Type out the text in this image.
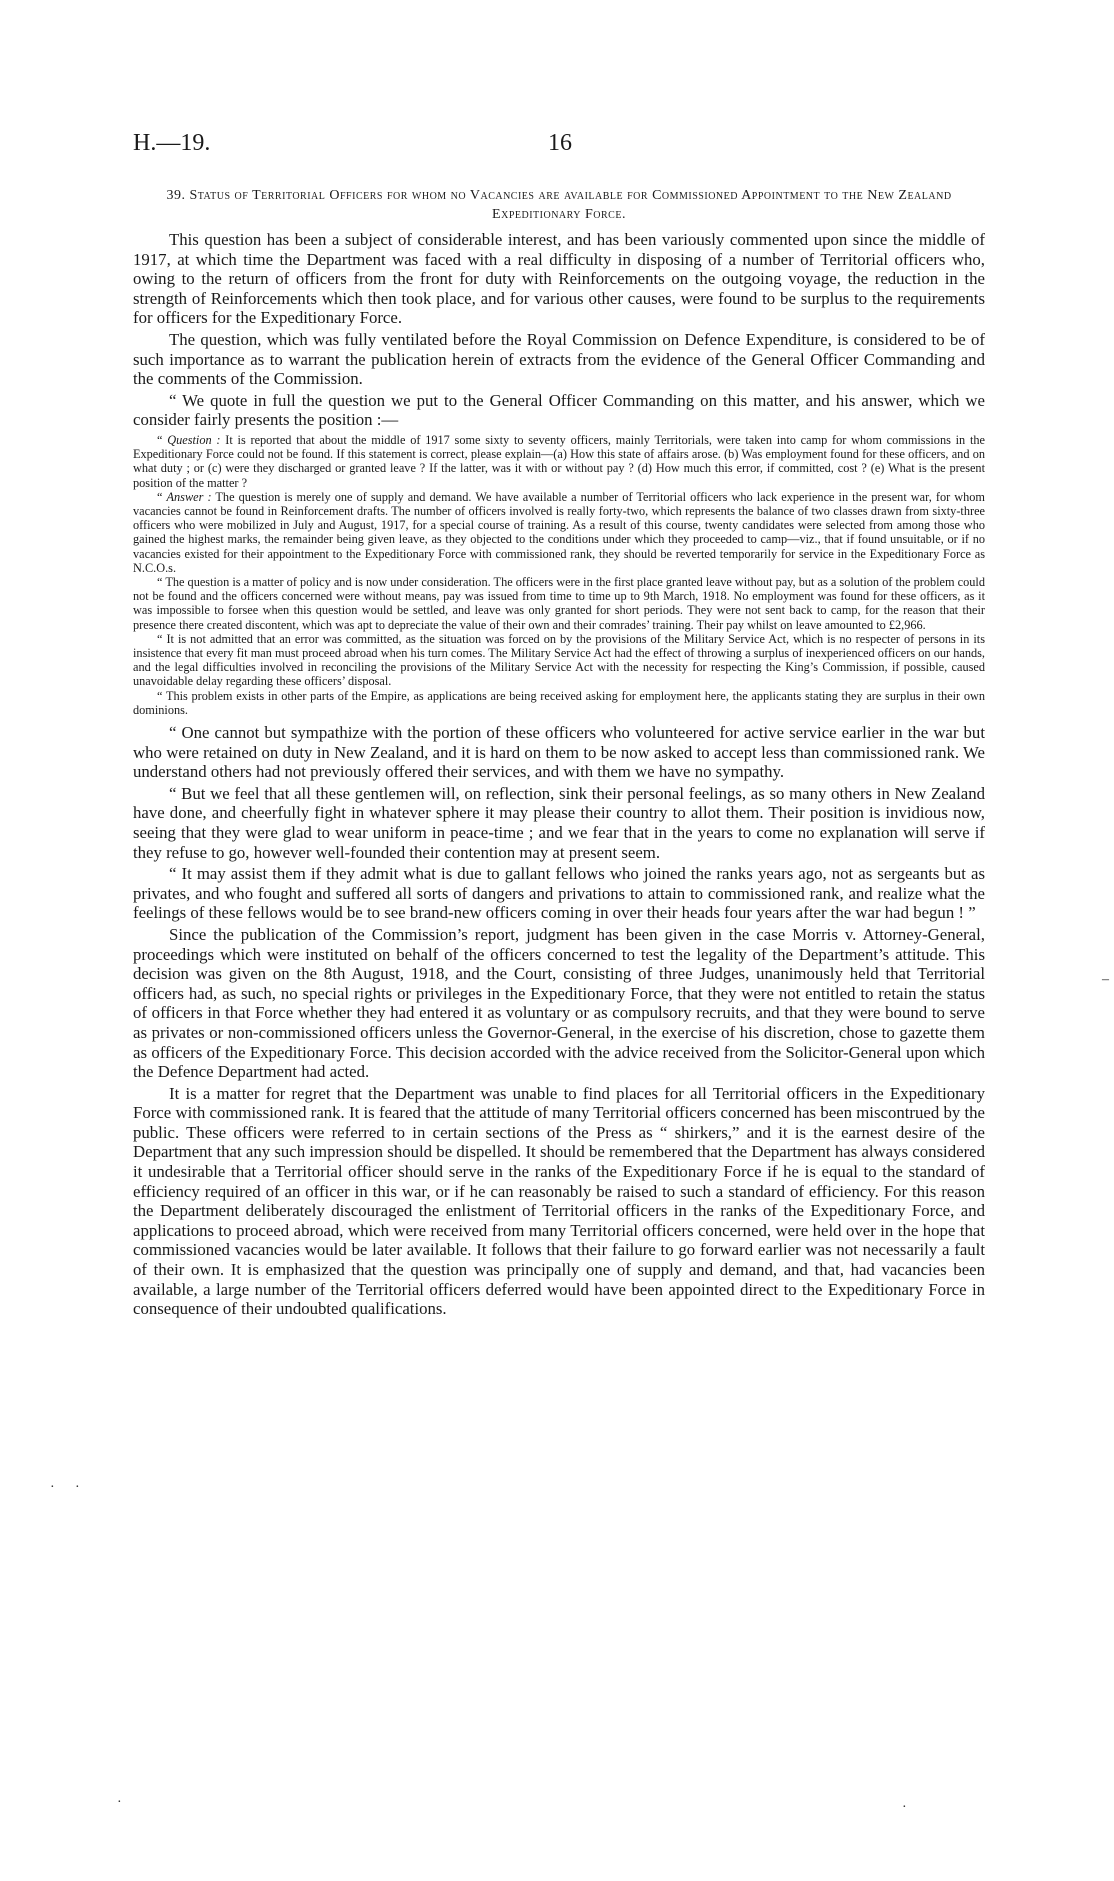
H.—19.	16
39. Status of Territorial Officers for whom no Vacancies are available for Commissioned Appointment to the New Zealand Expeditionary Force.

This question has been a subject of considerable interest, and has been variously commented upon since the middle of 1917, at which time the Department was faced with a real difficulty in disposing of a number of Territorial officers who, owing to the return of officers from the front for duty with Reinforcements on the outgoing voyage, the reduction in the strength of Reinforcements which then took place, and for various other causes, were found to be surplus to the requirements for officers for the Expeditionary Force.

The question, which was fully ventilated before the Royal Commission on Defence Expenditure, is considered to be of such importance as to warrant the publication herein of extracts from the evidence of the General Officer Commanding and the comments of the Commission.

“ We quote in full the question we put to the General Officer Commanding on this matter, and his answer, which we consider fairly presents the position :—

“ Question : It is reported that about the middle of 1917 some sixty to seventy officers, mainly Territorials, were taken into camp for whom commissions in the Expeditionary Force could not be found. If this statement is correct, please explain—(a) How this state of affairs arose. (b) Was employment found for these officers, and on what duty ; or (c) were they discharged or granted leave ? If the latter, was it with or without pay ? (d) How much this error, if committed, cost ? (e) What is the present position of the matter ?

“ Answer : The question is merely one of supply and demand. We have available a number of Territorial officers who lack experience in the present war, for whom vacancies cannot be found in Reinforcement drafts. The number of officers involved is really forty-two, which represents the balance of two classes drawn from sixty-three officers who were mobilized in July and August, 1917, for a special course of training. As a result of this course, twenty candidates were selected from among those who gained the highest marks, the remainder being given leave, as they objected to the conditions under which they proceeded to camp—viz., that if found unsuitable, or if no vacancies existed for their appointment to the Expeditionary Force with commissioned rank, they should be reverted temporarily for service in the Expeditionary Force as N.C.O.s.

“ The question is a matter of policy and is now under consideration. The officers were in the first place granted leave without pay, but as a solution of the problem could not be found and the officers concerned were without means, pay was issued from time to time up to 9th March, 1918. No employment was found for these officers, as it was impossible to forsee when this question would be settled, and leave was only granted for short periods. They were not sent back to camp, for the reason that their presence there created discontent, which was apt to depreciate the value of their own and their comrades’ training. Their pay whilst on leave amounted to £2,966.

“ It is not admitted that an error was committed, as the situation was forced on by the provisions of the Military Service Act, which is no respecter of persons in its insistence that every fit man must proceed abroad when his turn comes. The Military Service Act had the effect of throwing a surplus of inexperienced officers on our hands, and the legal difficulties involved in reconciling the provisions of the Military Service Act with the necessity for respecting the King’s Commission, if possible, caused unavoidable delay regarding these officers’ disposal.

“ This problem exists in other parts of the Empire, as applications are being received asking for employment here, the applicants stating they are surplus in their own dominions.

“ One cannot but sympathize with the portion of these officers who volunteered for active service earlier in the war but who were retained on duty in New Zealand, and it is hard on them to be now asked to accept less than commissioned rank. We understand others had not previously offered their services, and with them we have no sympathy.

“ But we feel that all these gentlemen will, on reflection, sink their personal feelings, as so many others in New Zealand have done, and cheerfully fight in whatever sphere it may please their country to allot them. Their position is invidious now, seeing that they were glad to wear uniform in peace-time ; and we fear that in the years to come no explanation will serve if they refuse to go, however well-founded their contention may at present seem.

“ It may assist them if they admit what is due to gallant fellows who joined the ranks years ago, not as sergeants but as privates, and who fought and suffered all sorts of dangers and privations to attain to commissioned rank, and realize what the feelings of these fellows would be to see brand-new officers coming in over their heads four years after the war had begun ! ”

Since the publication of the Commission’s report, judgment has been given in the case Morris v. Attorney-General, proceedings which were instituted on behalf of the officers concerned to test the legality of the Department’s attitude. This decision was given on the 8th August, 1918, and the Court, consisting of three Judges, unanimously held that Territorial officers had, as such, no special rights or privileges in the Expeditionary Force, that they were not entitled to retain the status of officers in that Force whether they had entered it as voluntary or as compulsory recruits, and that they were bound to serve as privates or non-commissioned officers unless the Governor-General, in the exercise of his discretion, chose to gazette them as officers of the Expeditionary Force. This decision accorded with the advice received from the Solicitor-General upon which the Defence Department had acted.

It is a matter for regret that the Department was unable to find places for all Territorial officers in the Expeditionary Force with commissioned rank. It is feared that the attitude of many Territorial officers concerned has been miscontrued by the public. These officers were referred to in certain sections of the Press as “ shirkers,” and it is the earnest desire of the Department that any such impression should be dispelled. It should be remembered that the Department has always considered it undesirable that a Territorial officer should serve in the ranks of the Expeditionary Force if he is equal to the standard of efficiency required of an officer in this war, or if he can reasonably be raised to such a standard of efficiency. For this reason the Department deliberately discouraged the enlistment of Territorial officers in the ranks of the Expeditionary Force, and applications to proceed abroad, which were received from many Territorial officers concerned, were held over in the hope that commissioned vacancies would be later available. It follows that their failure to go forward earlier was not necessarily a fault of their own. It is emphasized that the question was principally one of supply and demand, and that, had vacancies been available, a large number of the Territorial officers deferred would have been appointed direct to the Expeditionary Force in consequence of their undoubted qualifications.

–
· ·
·	·
